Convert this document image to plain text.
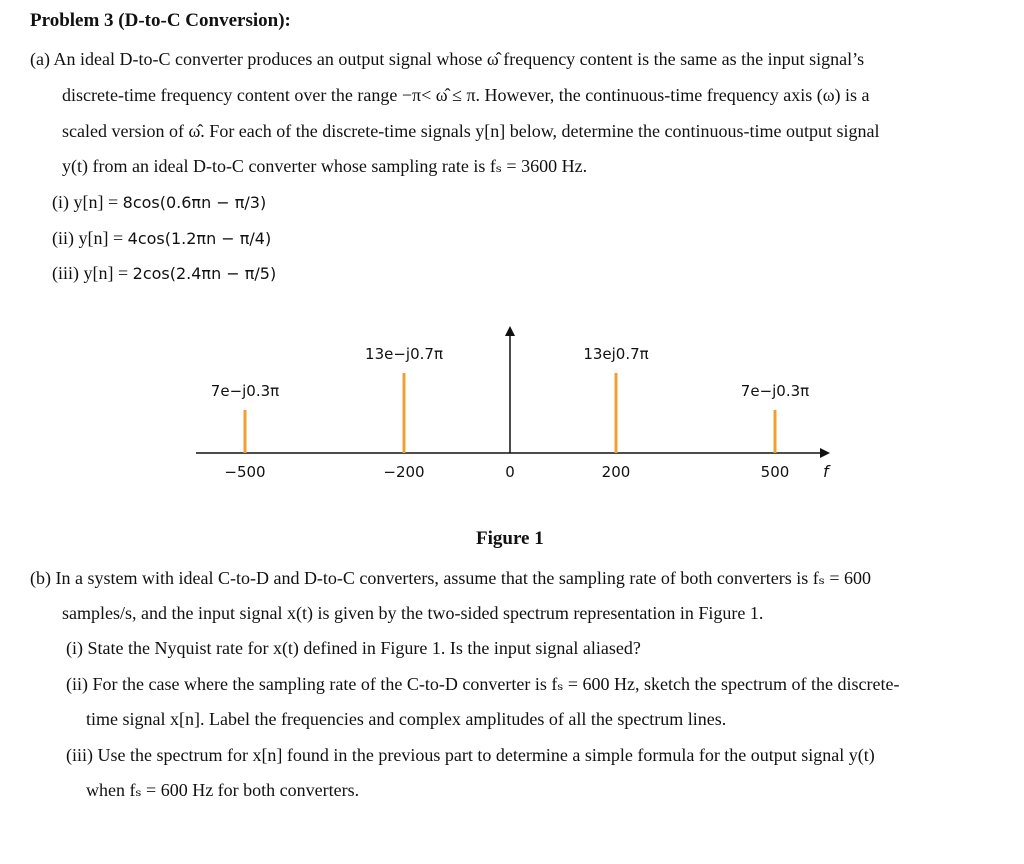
Problem 3 (D-to-C Conversion):
(a) An ideal D-to-C converter produces an output signal whose ω̂ frequency content is the same as the input signal’s
discrete-time frequency content over the range −π< ω̂ ≤ π. However, the continuous-time frequency axis (ω) is a
scaled version of ω̂. For each of the discrete-time signals y[n] below, determine the continuous-time output signal
y(t) from an ideal D-to-C converter whose sampling rate is fₛ = 3600 Hz.
(i) y[n] = 8cos(0.6πn − π/3)
(ii) y[n] = 4cos(1.2πn − π/4)
(iii) y[n] = 2cos(2.4πn − π/5)
7e−j0.3π
13e−j0.7π	13ej0.7π
7e−j0.3π
−500	−200	0	200	500 f
Figure 1
(b) In a system with ideal C-to-D and D-to-C converters, assume that the sampling rate of both converters is fₛ = 600
samples/s, and the input signal x(t) is given by the two-sided spectrum representation in Figure 1.
(i) State the Nyquist rate for x(t) defined in Figure 1. Is the input signal aliased?
(ii) For the case where the sampling rate of the C-to-D converter is fₛ = 600 Hz, sketch the spectrum of the discrete-
time signal x[n]. Label the frequencies and complex amplitudes of all the spectrum lines.
(iii) Use the spectrum for x[n] found in the previous part to determine a simple formula for the output signal y(t)
when fₛ = 600 Hz for both converters.
